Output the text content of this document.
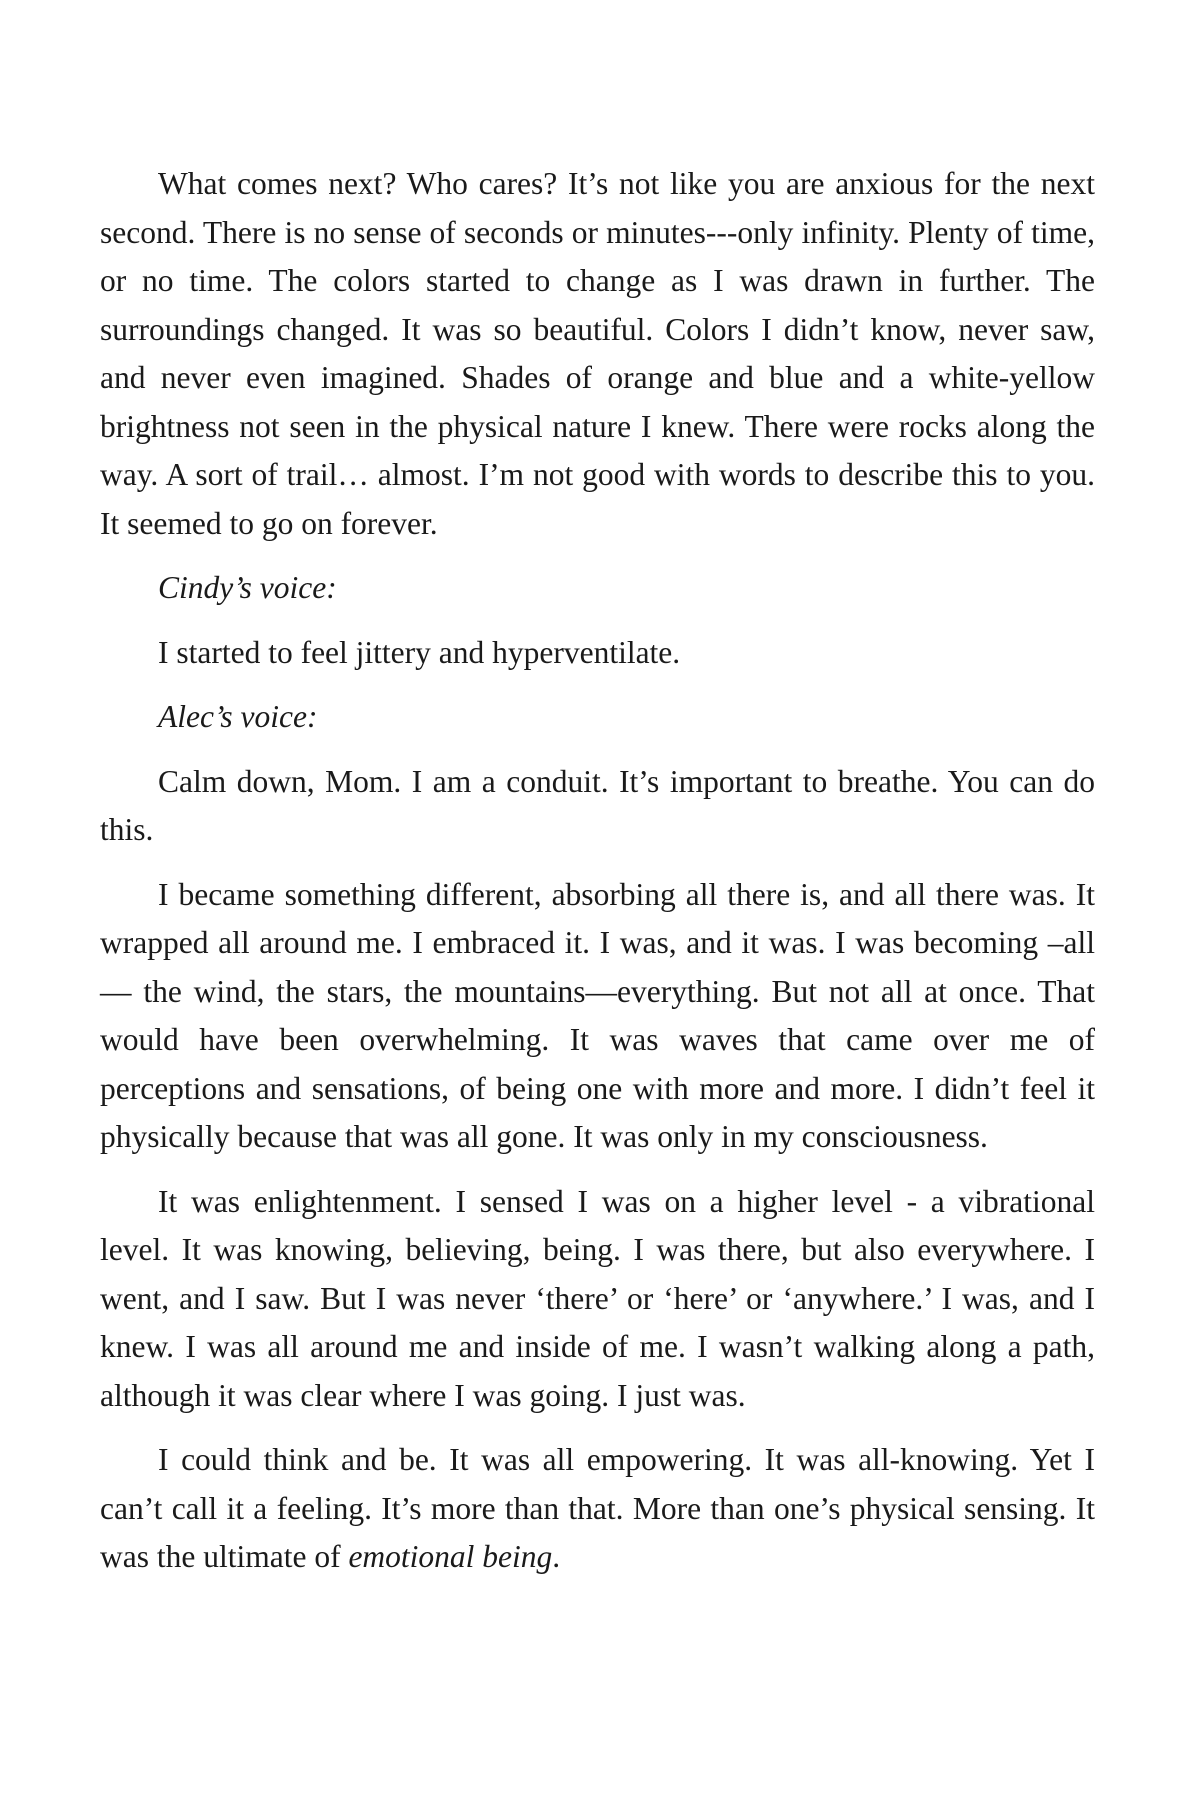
What comes next? Who cares? It’s not like you are anxious for the next second. There is no sense of seconds or minutes---only infinity. Plenty of time, or no time. The colors started to change as I was drawn in further. The surroundings changed. It was so beautiful. Colors I didn’t know, never saw, and never even imagined. Shades of orange and blue and a white-yellow brightness not seen in the physical nature I knew. There were rocks along the way. A sort of trail… almost. I’m not good with words to describe this to you. It seemed to go on forever.

Cindy’s voice:

I started to feel jittery and hyperventilate.

Alec’s voice:

Calm down, Mom. I am a conduit. It’s important to breathe. You can do this.

I became something different, absorbing all there is, and all there was. It wrapped all around me. I embraced it. I was, and it was. I was becoming –all— the wind, the stars, the mountains—everything. But not all at once. That would have been overwhelming. It was waves that came over me of perceptions and sensations, of being one with more and more. I didn’t feel it physically because that was all gone. It was only in my consciousness.

It was enlightenment. I sensed I was on a higher level - a vibrational level. It was knowing, believing, being. I was there, but also everywhere. I went, and I saw. But I was never ‘there’ or ‘here’ or ‘anywhere.’ I was, and I knew. I was all around me and inside of me. I wasn’t walking along a path, although it was clear where I was going. I just was.

I could think and be. It was all empowering. It was all-knowing. Yet I can’t call it a feeling. It’s more than that. More than one’s physical sensing. It was the ultimate of emotional being.
